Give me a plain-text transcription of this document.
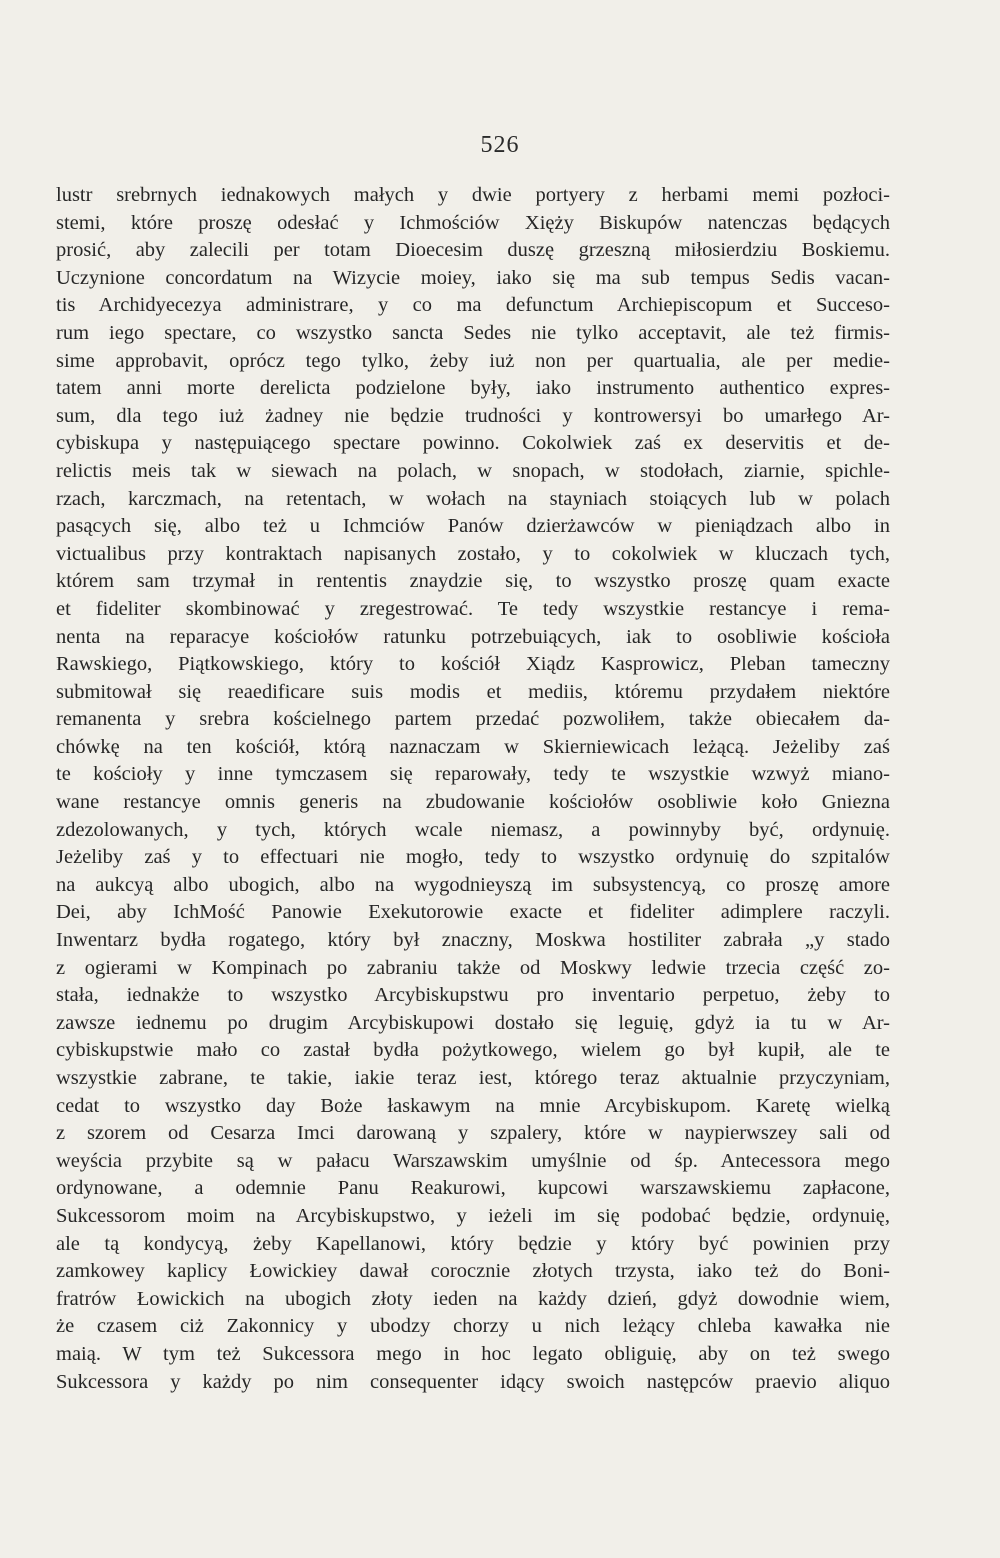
526
lustr srebrnych iednakowych małych y dwie portyery z herbami memi pozłoci-
stemi, które proszę odesłać y Ichmościów Xięży Biskupów natenczas będących
prosić, aby zalecili per totam Dioecesim duszę grzeszną miłosierdziu Boskiemu.
Uczynione concordatum na Wizycie moiey, iako się ma sub tempus Sedis vacan-
tis Archidyecezya administrare, y co ma defunctum Archiepiscopum et Succeso-
rum iego spectare, co wszystko sancta Sedes nie tylko acceptavit, ale też firmis-
sime approbavit, oprócz tego tylko, żeby iuż non per quartualia, ale per medie-
tatem anni morte derelicta podzielone były, iako instrumento authentico expres-
sum, dla tego iuż żadney nie będzie trudności y kontrowersyi bo umarłego Ar-
cybiskupa y następuiącego spectare powinno. Cokolwiek zaś ex deservitis et de-
relictis meis tak w siewach na polach, w snopach, w stodołach, ziarnie, spichle-
rzach, karczmach, na retentach, w wołach na stayniach stoiących lub w polach
pasących się, albo też u Ichmciów Panów dzierżawców w pieniądzach albo in
victualibus przy kontraktach napisanych zostało, y to cokolwiek w kluczach tych,
którem sam trzymał in rententis znaydzie się, to wszystko proszę quam exacte
et fideliter skombinować y zregestrować. Te tedy wszystkie restancye i rema-
nenta na reparacye kościołów ratunku potrzebuiących, iak to osobliwie kościoła
Rawskiego, Piątkowskiego, który to kościół Xiądz Kasprowicz, Pleban tameczny
submitował się reaedificare suis modis et mediis, któremu przydałem niektóre
remanenta y srebra kościelnego partem przedać pozwoliłem, także obiecałem da-
chówkę na ten kościół, którą naznaczam w Skierniewicach leżącą. Jeżeliby zaś
te kościoły y inne tymczasem się reparowały, tedy te wszystkie wzwyż miano-
wane restancye omnis generis na zbudowanie kościołów osobliwie koło Gniezna
zdezolowanych, y tych, których wcale niemasz, a powinnyby być, ordynuię.
Jeżeliby zaś y to effectuari nie mogło, tedy to wszystko ordynuię do szpitalów
na aukcyą albo ubogich, albo na wygodnieyszą im subsystencyą, co proszę amore
Dei, aby IchMość Panowie Exekutorowie exacte et fideliter adimplere raczyli.
Inwentarz bydła rogatego, który był znaczny, Moskwa hostiliter zabrała „y stado
z ogierami w Kompinach po zabraniu także od Moskwy ledwie trzecia część zo-
stała, iednakże to wszystko Arcybiskupstwu pro inventario perpetuo, żeby to
zawsze iednemu po drugim Arcybiskupowi dostało się leguię, gdyż ia tu w Ar-
cybiskupstwie mało co zastał bydła pożytkowego, wielem go był kupił, ale te
wszystkie zabrane, te takie, iakie teraz iest, którego teraz aktualnie przyczyniam,
cedat to wszystko day Boże łaskawym na mnie Arcybiskupom. Karetę wielką
z szorem od Cesarza Imci darowaną y szpalery, które w naypierwszey sali od
weyścia przybite są w pałacu Warszawskim umyślnie od śp. Antecessora mego
ordynowane, a odemnie Panu Reakurowi, kupcowi warszawskiemu zapłacone,
Sukcessorom moim na Arcybiskupstwo, y ieżeli im się podobać będzie, ordynuię,
ale tą kondycyą, żeby Kapellanowi, który będzie y który być powinien przy
zamkowey kaplicy Łowickiey dawał corocznie złotych trzysta, iako też do Boni-
fratrów Łowickich na ubogich złoty ieden na każdy dzień, gdyż dowodnie wiem,
że czasem ciż Zakonnicy y ubodzy chorzy u nich leżący chleba kawałka nie
maią. W tym też Sukcessora mego in hoc legato obliguię, aby on też swego
Sukcessora y każdy po nim consequenter idący swoich następców praevio aliquo
